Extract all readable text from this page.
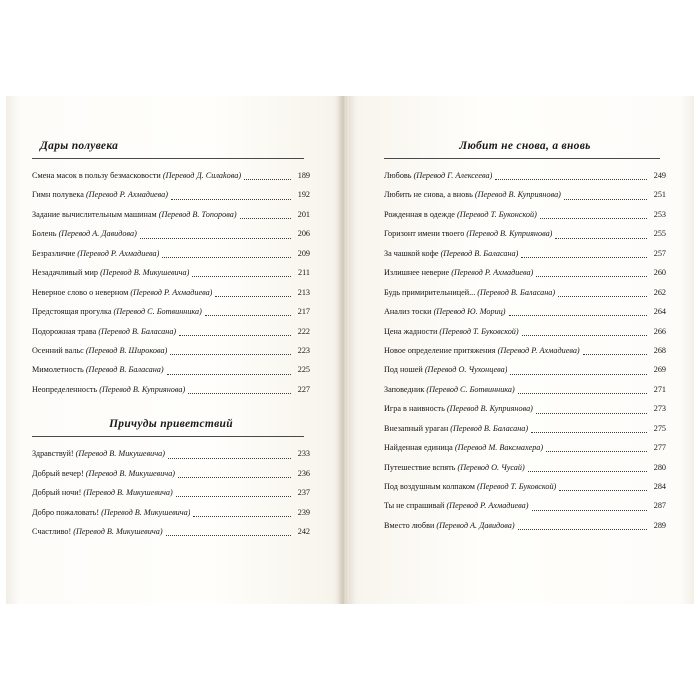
Дары полувека
Смена масок в пользу безмасковости (Перевод Д. Силakoвa)	189
Гимн полувека (Перевод Р. Ахмадиева)	192
Задание вычислительным машинам (Перевод В. Топорова)	201
Болень (Перевод А. Давидова)	206
Безразличие (Перевод Р. Ахмадиева)	209
Незадачливый мир (Перевод В. Микушевича)	211
Неверное слово о неверном (Перевод Р. Ахмадиева)	213
Предстоящая прогулка (Перевод С. Ботвинника)	217
Подорожная трава (Перевод В. Баласана)	222
Осенний вальс (Перевод В. Широкова)	223
Мимолетность (Перевод В. Баласана)	225
Неопределенность (Перевод В. Куприянова)	227
Причуды приветствий
Здравствуй! (Перевод В. Микушевича)	233
Добрый вечер! (Перевод В. Микушевича)	236
Добрый ночи! (Перевод В. Микушевича)	237
Добро пожаловать! (Перевод В. Микушевича)	239
Счастливо! (Перевод В. Микушевича)	242
Любит не снова, а вновь
Любовь (Перевод Г. Алексеева)	249
Любить не снова, а вновь (Перевод В. Куприянова)	251
Рожденная в одежде (Перевод Т. Буконской)	253
Горизонт имени твоего (Перевод В. Куприянова)	255
За чашкой кофе (Перевод В. Баласана)	257
Излишнее неверие (Перевод Р. Ахмадиева)	260
Будь примирительницей... (Перевод В. Баласана)	262
Анализ тоски (Перевод Ю. Мориц)	264
Цена жадности (Перевод Т. Буковской)	266
Новое определение притяжения (Перевод Р. Ахмадиева)	268
Под ношей (Перевод О. Чухонцева)	269
Заповедник (Перевод С. Ботвинника)	271
Игра в наивность (Перевод В. Куприянова)	273
Внезапный ураган (Перевод В. Баласана)	275
Найденная единица (Перевод М. Ваксмахера)	277
Путешествие вспять (Перевод О. Чусай)	280
Под воздушным колпаком (Перевод Т. Буковской)	284
Ты не спрашивай (Перевод Р. Ахмадиева)	287
Вместо любви (Перевод А. Давидова)	289
